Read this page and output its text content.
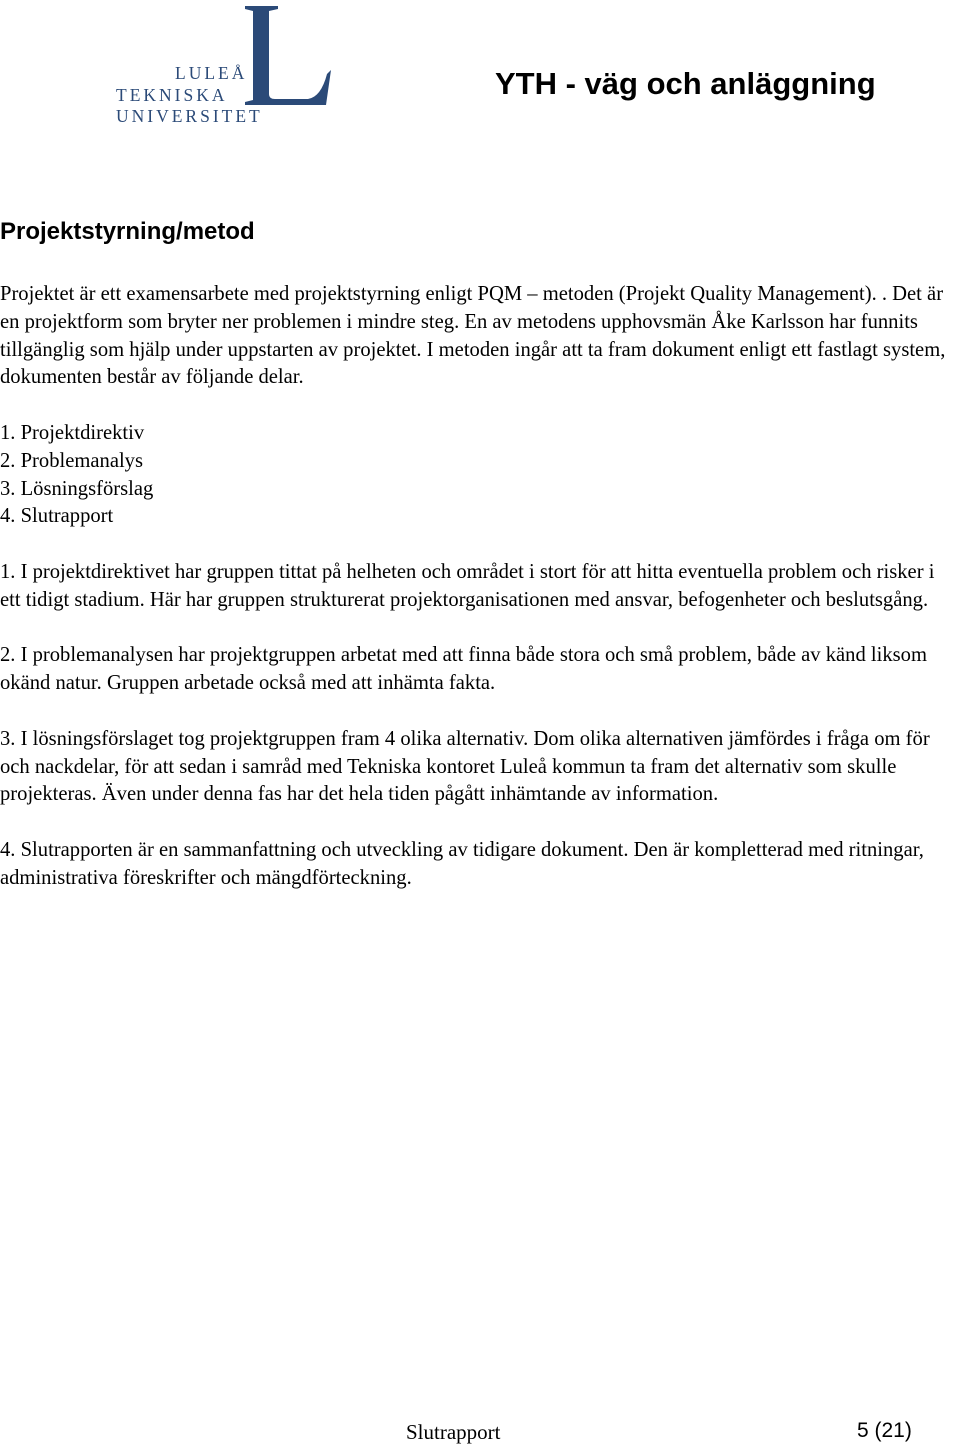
LULEÅ
TEKNISKA
UNIVERSITET
YTH - väg och anläggning
Projektstyrning/metod

Projektet är ett examensarbete med projektstyrning enligt PQM – metoden (Projekt Quality Management). . Det är en projektform som bryter ner problemen i mindre steg. En av metodens upphovsmän Åke Karlsson har funnits tillgänglig som hjälp under uppstarten av projektet. I metoden ingår att ta fram dokument enligt ett fastlagt system, dokumenten består av följande delar.

1. Projektdirektiv
2. Problemanalys
3. Lösningsförslag
4. Slutrapport

1. I projektdirektivet har gruppen tittat på helheten och området i stort för att hitta eventuella problem och risker i ett tidigt stadium. Här har gruppen strukturerat projektorganisationen med ansvar, befogenheter och beslutsgång.

2. I problemanalysen har projektgruppen arbetat med att finna både stora och små problem, både av känd liksom okänd natur. Gruppen arbetade också med att inhämta fakta.

3. I lösningsförslaget tog projektgruppen fram 4 olika alternativ. Dom olika alternativen jämfördes i fråga om för och nackdelar, för att sedan i samråd med Tekniska kontoret Luleå kommun ta fram det alternativ som skulle projekteras. Även under denna fas har det hela tiden pågått inhämtande av information.

4. Slutrapporten är en sammanfattning och utveckling av tidigare dokument. Den är kompletterad med ritningar, administrativa föreskrifter och mängdförteckning.

Slutrapport	5 (21)
